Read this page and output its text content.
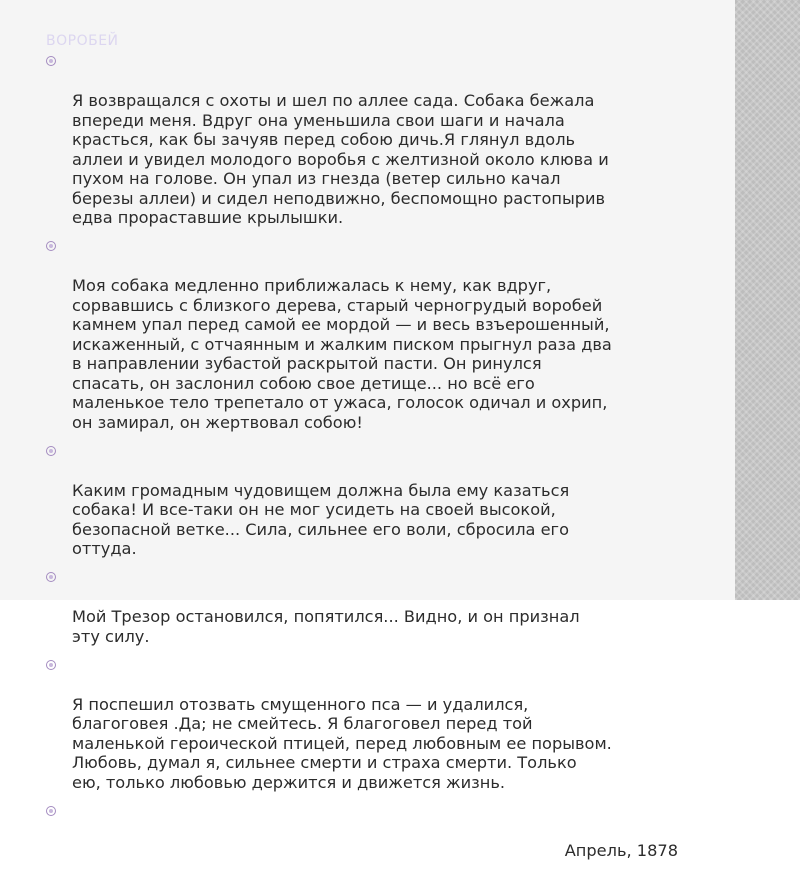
ВОРОБЕЙ

Я возвращался с охоты и шел по аллее сада. Собака бежала
впереди меня. Вдруг она уменьшила свои шаги и начала
красться, как бы зачуяв перед собою дичь.Я глянул вдоль
аллеи и увидел молодого воробья с желтизной около клюва и
пухом на голове. Он упал из гнезда (ветер сильно качал
березы аллеи) и сидел неподвижно, беспомощно растопырив
едва прораставшие крылышки.

Моя собака медленно приближалась к нему, как вдруг,
сорвавшись с близкого дерева, старый черногрудый воробей
камнем упал перед самой ее мордой — и весь взъерошенный,
искаженный, с отчаянным и жалким писком прыгнул раза два
в направлении зубастой раскрытой пасти. Он ринулся
спасать, он заслонил собою свое детище... но всё его
маленькое тело трепетало от ужаса, голосок одичал и охрип,
он замирал, он жертвовал собою!

Каким громадным чудовищем должна была ему казаться
собака! И все-таки он не мог усидеть на своей высокой,
безопасной ветке... Сила, сильнее его воли, сбросила его
оттуда.

Мой Трезор остановился, попятился... Видно, и он признал
эту силу.

Я поспешил отозвать смущенного пса — и удалился,
благоговея .Да; не смейтесь. Я благоговел перед той
маленькой героической птицей, перед любовным ее порывом.
Любовь, думал я, сильнее смерти и страха смерти. Только
ею, только любовью держится и движется жизнь.

Апрель, 1878
